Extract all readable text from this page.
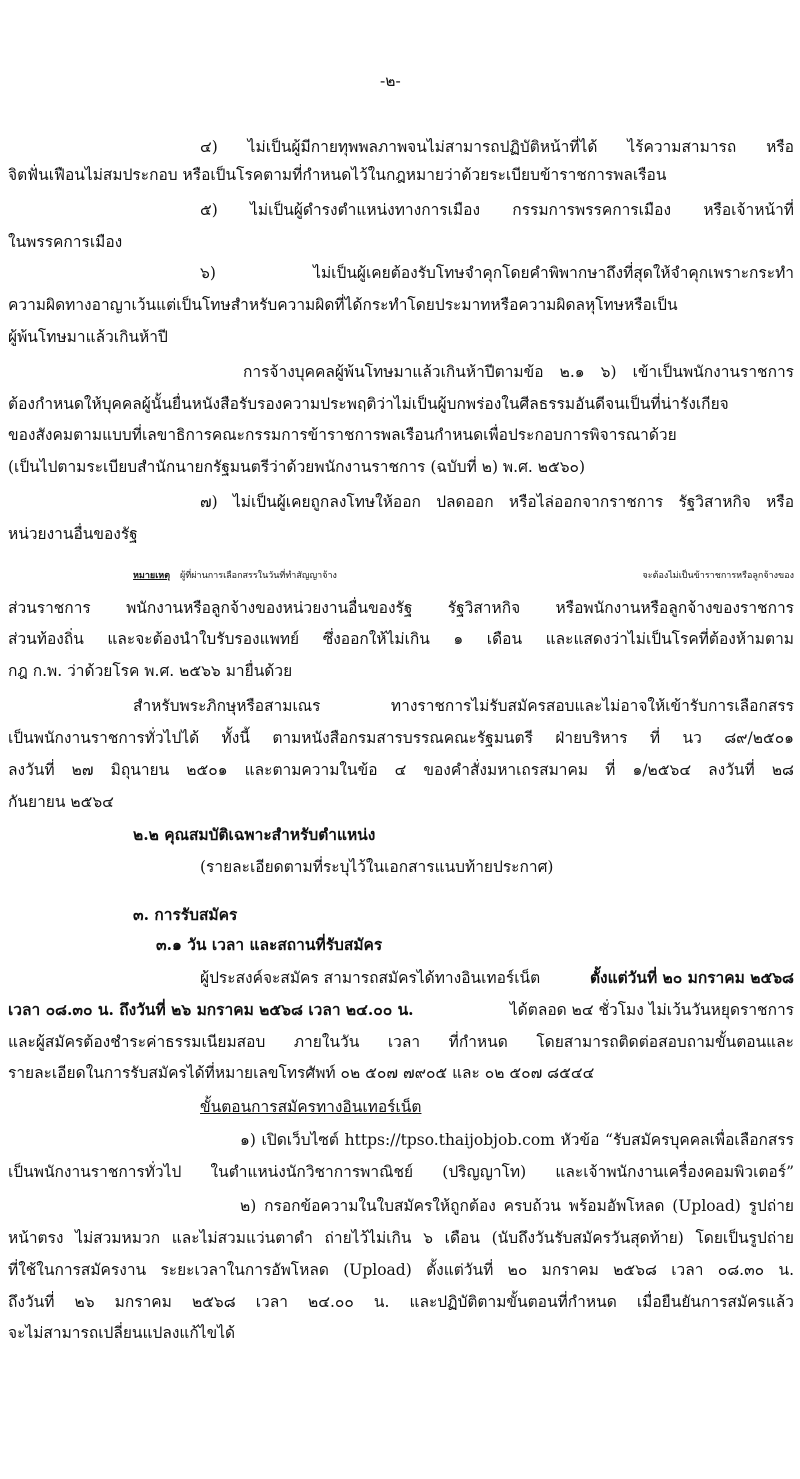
-๒-

๔) ไม่เป็นผู้มีกายทุพพลภาพจนไม่สามารถปฏิบัติหน้าที่ได้ ไร้ความสามารถ หรือ

จิตฟั่นเฟือนไม่สมประกอบ หรือเป็นโรคตามที่กำหนดไว้ในกฎหมายว่าด้วยระเบียบข้าราชการพลเรือน

๕) ไม่เป็นผู้ดำรงตำแหน่งทางการเมือง กรรมการพรรคการเมือง หรือเจ้าหน้าที่

ในพรรคการเมือง

๖) ไม่เป็นผู้เคยต้องรับโทษจำคุกโดยคำพิพากษาถึงที่สุดให้จำคุกเพราะกระทำ

ความผิดทางอาญาเว้นแต่เป็นโทษสำหรับความผิดที่ได้กระทำโดยประมาทหรือความผิดลหุโทษหรือเป็น

ผู้พ้นโทษมาแล้วเกินห้าปี

การจ้างบุคคลผู้พ้นโทษมาแล้วเกินห้าปีตามข้อ ๒.๑ ๖) เข้าเป็นพนักงานราชการ

ต้องกำหนดให้บุคคลผู้นั้นยื่นหนังสือรับรองความประพฤติว่าไม่เป็นผู้บกพร่องในศีลธรรมอันดีจนเป็นที่น่ารังเกียจ

ของสังคมตามแบบที่เลขาธิการคณะกรรมการข้าราชการพลเรือนกำหนดเพื่อประกอบการพิจารณาด้วย

(เป็นไปตามระเบียบสำนักนายกรัฐมนตรีว่าด้วยพนักงานราชการ (ฉบับที่ ๒) พ.ศ. ๒๕๖๐)

๗) ไม่เป็นผู้เคยถูกลงโทษให้ออก ปลดออก หรือไล่ออกจากราชการ รัฐวิสาหกิจ หรือ

หน่วยงานอื่นของรัฐ

หมายเหตุ ผู้ที่ผ่านการเลือกสรรในวันที่ทำสัญญาจ้าง จะต้องไม่เป็นข้าราชการหรือลูกจ้างของ

ส่วนราชการ พนักงานหรือลูกจ้างของหน่วยงานอื่นของรัฐ รัฐวิสาหกิจ หรือพนักงานหรือลูกจ้างของราชการ

ส่วนท้องถิ่น และจะต้องนำใบรับรองแพทย์ ซึ่งออกให้ไม่เกิน ๑ เดือน และแสดงว่าไม่เป็นโรคที่ต้องห้ามตาม

กฎ ก.พ. ว่าด้วยโรค พ.ศ. ๒๕๖๖ มายื่นด้วย

สำหรับพระภิกษุหรือสามเณร ทางราชการไม่รับสมัครสอบและไม่อาจให้เข้ารับการเลือกสรร

เป็นพนักงานราชการทั่วไปได้ ทั้งนี้ ตามหนังสือกรมสารบรรณคณะรัฐมนตรี ฝ่ายบริหาร ที่ นว ๘๙/๒๕๐๑

ลงวันที่ ๒๗ มิถุนายน ๒๕๐๑ และตามความในข้อ ๔ ของคำสั่งมหาเถรสมาคม ที่ ๑/๒๕๖๔ ลงวันที่ ๒๘

กันยายน ๒๕๖๔

๒.๒ คุณสมบัติเฉพาะสำหรับตำแหน่ง

(รายละเอียดตามที่ระบุไว้ในเอกสารแนบท้ายประกาศ)

๓. การรับสมัคร

๓.๑ วัน เวลา และสถานที่รับสมัคร

ผู้ประสงค์จะสมัคร สามารถสมัครได้ทางอินเทอร์เน็ต	ตั้งแต่วันที่ ๒๐ มกราคม ๒๕๖๘

เวลา ๐๘.๓๐ น. ถึงวันที่ ๒๖ มกราคม ๒๕๖๘ เวลา ๒๔.๐๐ น.	ได้ตลอด ๒๔ ชั่วโมง ไม่เว้นวันหยุดราชการ

และผู้สมัครต้องชำระค่าธรรมเนียมสอบ ภายในวัน เวลา ที่กำหนด โดยสามารถติดต่อสอบถามขั้นตอนและ

รายละเอียดในการรับสมัครได้ที่หมายเลขโทรศัพท์ ๐๒ ๕๐๗ ๗๙๐๕ และ ๐๒ ๕๐๗ ๘๕๔๔

ขั้นตอนการสมัครทางอินเทอร์เน็ต

๑) เปิดเว็บไซต์ https://tpso.thaijobjob.com หัวข้อ “รับสมัครบุคคลเพื่อเลือกสรร

เป็นพนักงานราชการทั่วไป ในตำแหน่งนักวิชาการพาณิชย์ (ปริญญาโท) และเจ้าพนักงานเครื่องคอมพิวเตอร์”

๒) กรอกข้อความในใบสมัครให้ถูกต้อง ครบถ้วน พร้อมอัพโหลด (Upload) รูปถ่าย

หน้าตรง ไม่สวมหมวก และไม่สวมแว่นตาดำ ถ่ายไว้ไม่เกิน ๖ เดือน (นับถึงวันรับสมัครวันสุดท้าย) โดยเป็นรูปถ่าย

ที่ใช้ในการสมัครงาน ระยะเวลาในการอัพโหลด (Upload) ตั้งแต่วันที่ ๒๐ มกราคม ๒๕๖๘ เวลา ๐๘.๓๐ น.

ถึงวันที่ ๒๖ มกราคม ๒๕๖๘ เวลา ๒๔.๐๐ น. และปฏิบัติตามขั้นตอนที่กำหนด เมื่อยืนยันการสมัครแล้ว

จะไม่สามารถเปลี่ยนแปลงแก้ไขได้
